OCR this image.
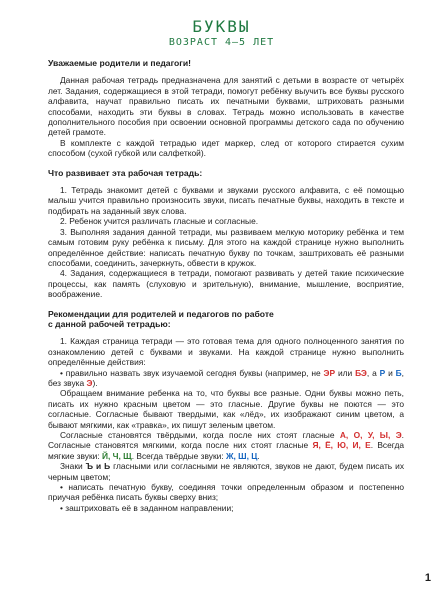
БУКВЫ
ВОЗРАСТ 4–5 ЛЕТ
Уважаемые родители и педагоги!

Данная рабочая тетрадь предназначена для занятий с детьми в возрасте от четырёх лет. Задания, содержащиеся в этой тетради, помогут ребёнку выучить все буквы русского алфавита, научат правильно писать их печатными буквами, штриховать разными способами, находить эти буквы в словах. Тетрадь можно использовать в качестве дополнительного пособия при освоении основной программы детского сада по обучению детей грамоте.

В комплекте с каждой тетрадью идет маркер, след от которого стирается сухим способом (сухой губкой или салфеткой).

Что развивает эта рабочая тетрадь:

1. Тетрадь знакомит детей с буквами и звуками русского алфавита, с её помощью малыш учится правильно произносить звуки, писать печатные буквы, находить в тексте и подбирать на заданный звук слова.

2. Ребенок учится различать гласные и согласные.

3. Выполняя задания данной тетради, мы развиваем мелкую моторику ребёнка и тем самым готовим руку ребёнка к письму. Для этого на каждой странице нужно выполнить определённое действие: написать печатную букву по точкам, заштриховать её разными способами, соединить, зачеркнуть, обвести в кружок.

4. Задания, содержащиеся в тетради, помогают развивать у детей такие психические процессы, как память (слуховую и зрительную), внимание, мышление, восприятие, воображение.

Рекомендации для родителей и педагогов по работе
с данной рабочей тетрадью:

1. Каждая страница тетради — это готовая тема для одного полноценного занятия по ознакомлению детей с буквами и звуками. На каждой странице нужно выполнить определённые действия:

• правильно назвать звук изучаемой сегодня буквы (например, не ЭР или БЭ, а Р и Б, без звука Э).

Обращаем внимание ребенка на то, что буквы все разные. Одни буквы можно петь, писать их нужно красным цветом — это гласные. Другие буквы не поются — это согласные. Согласные бывают твердыми, как «лёд», их изображают синим цветом, а бывают мягкими, как «травка», их пишут зеленым цветом.

Согласные становятся твёрдыми, когда после них стоят гласные А, О, У, Ы, Э. Согласные становятся мягкими, когда после них стоят гласные Я, Ё, Ю, И, Е. Всегда мягкие звуки: Й, Ч, Щ. Всегда твёрдые звуки: Ж, Ш, Ц.

Знаки Ъ и Ь гласными или согласными не являются, звуков не дают, будем писать их черным цветом;

• написать печатную букву, соединяя точки определенным образом и постепенно приучая ребёнка писать буквы сверху вниз;

• заштриховать её в заданном направлении;

1
